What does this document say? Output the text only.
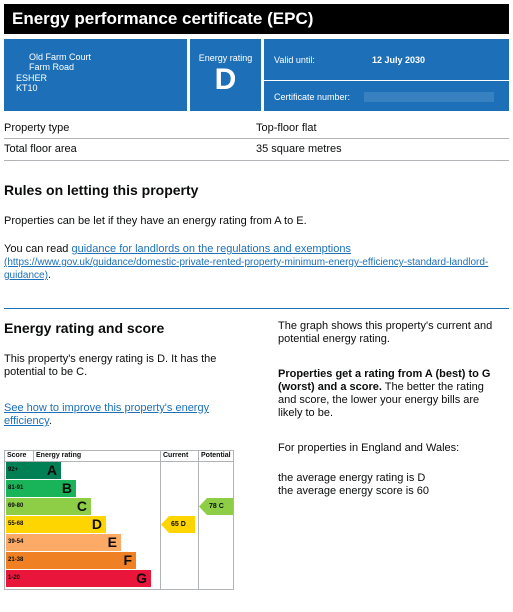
Energy performance certificate (EPC)
Old Farm Court
Farm Road
ESHER
KT10
Energy rating
D
Valid until:	12 July 2030
Certificate number:
Property type	Top-floor flat
Total floor area	35 square metres
Rules on letting this property
Properties can be let if they have an energy rating from A to E.
You can read guidance for landlords on the regulations and exemptions
(https://www.gov.uk/guidance/domestic-private-rented-property-minimum-energy-efficiency-standard-landlord-
guidance).
Energy rating and score
This property's energy rating is D. It has the potential to be C.
See how to improve this property's energy efficiency.
The graph shows this property's current and potential energy rating.
Properties get a rating from A (best) to G (worst) and a score. The better the rating and score, the lower your energy bills are likely to be.
For properties in England and Wales:
the average energy rating is D
the average energy score is 60
Score Energy rating	Current Potential
92+ A
81-91	B
69-80	C
55-68	D
39-54	E
21-38	F
1-20	G
65 D
78 C
